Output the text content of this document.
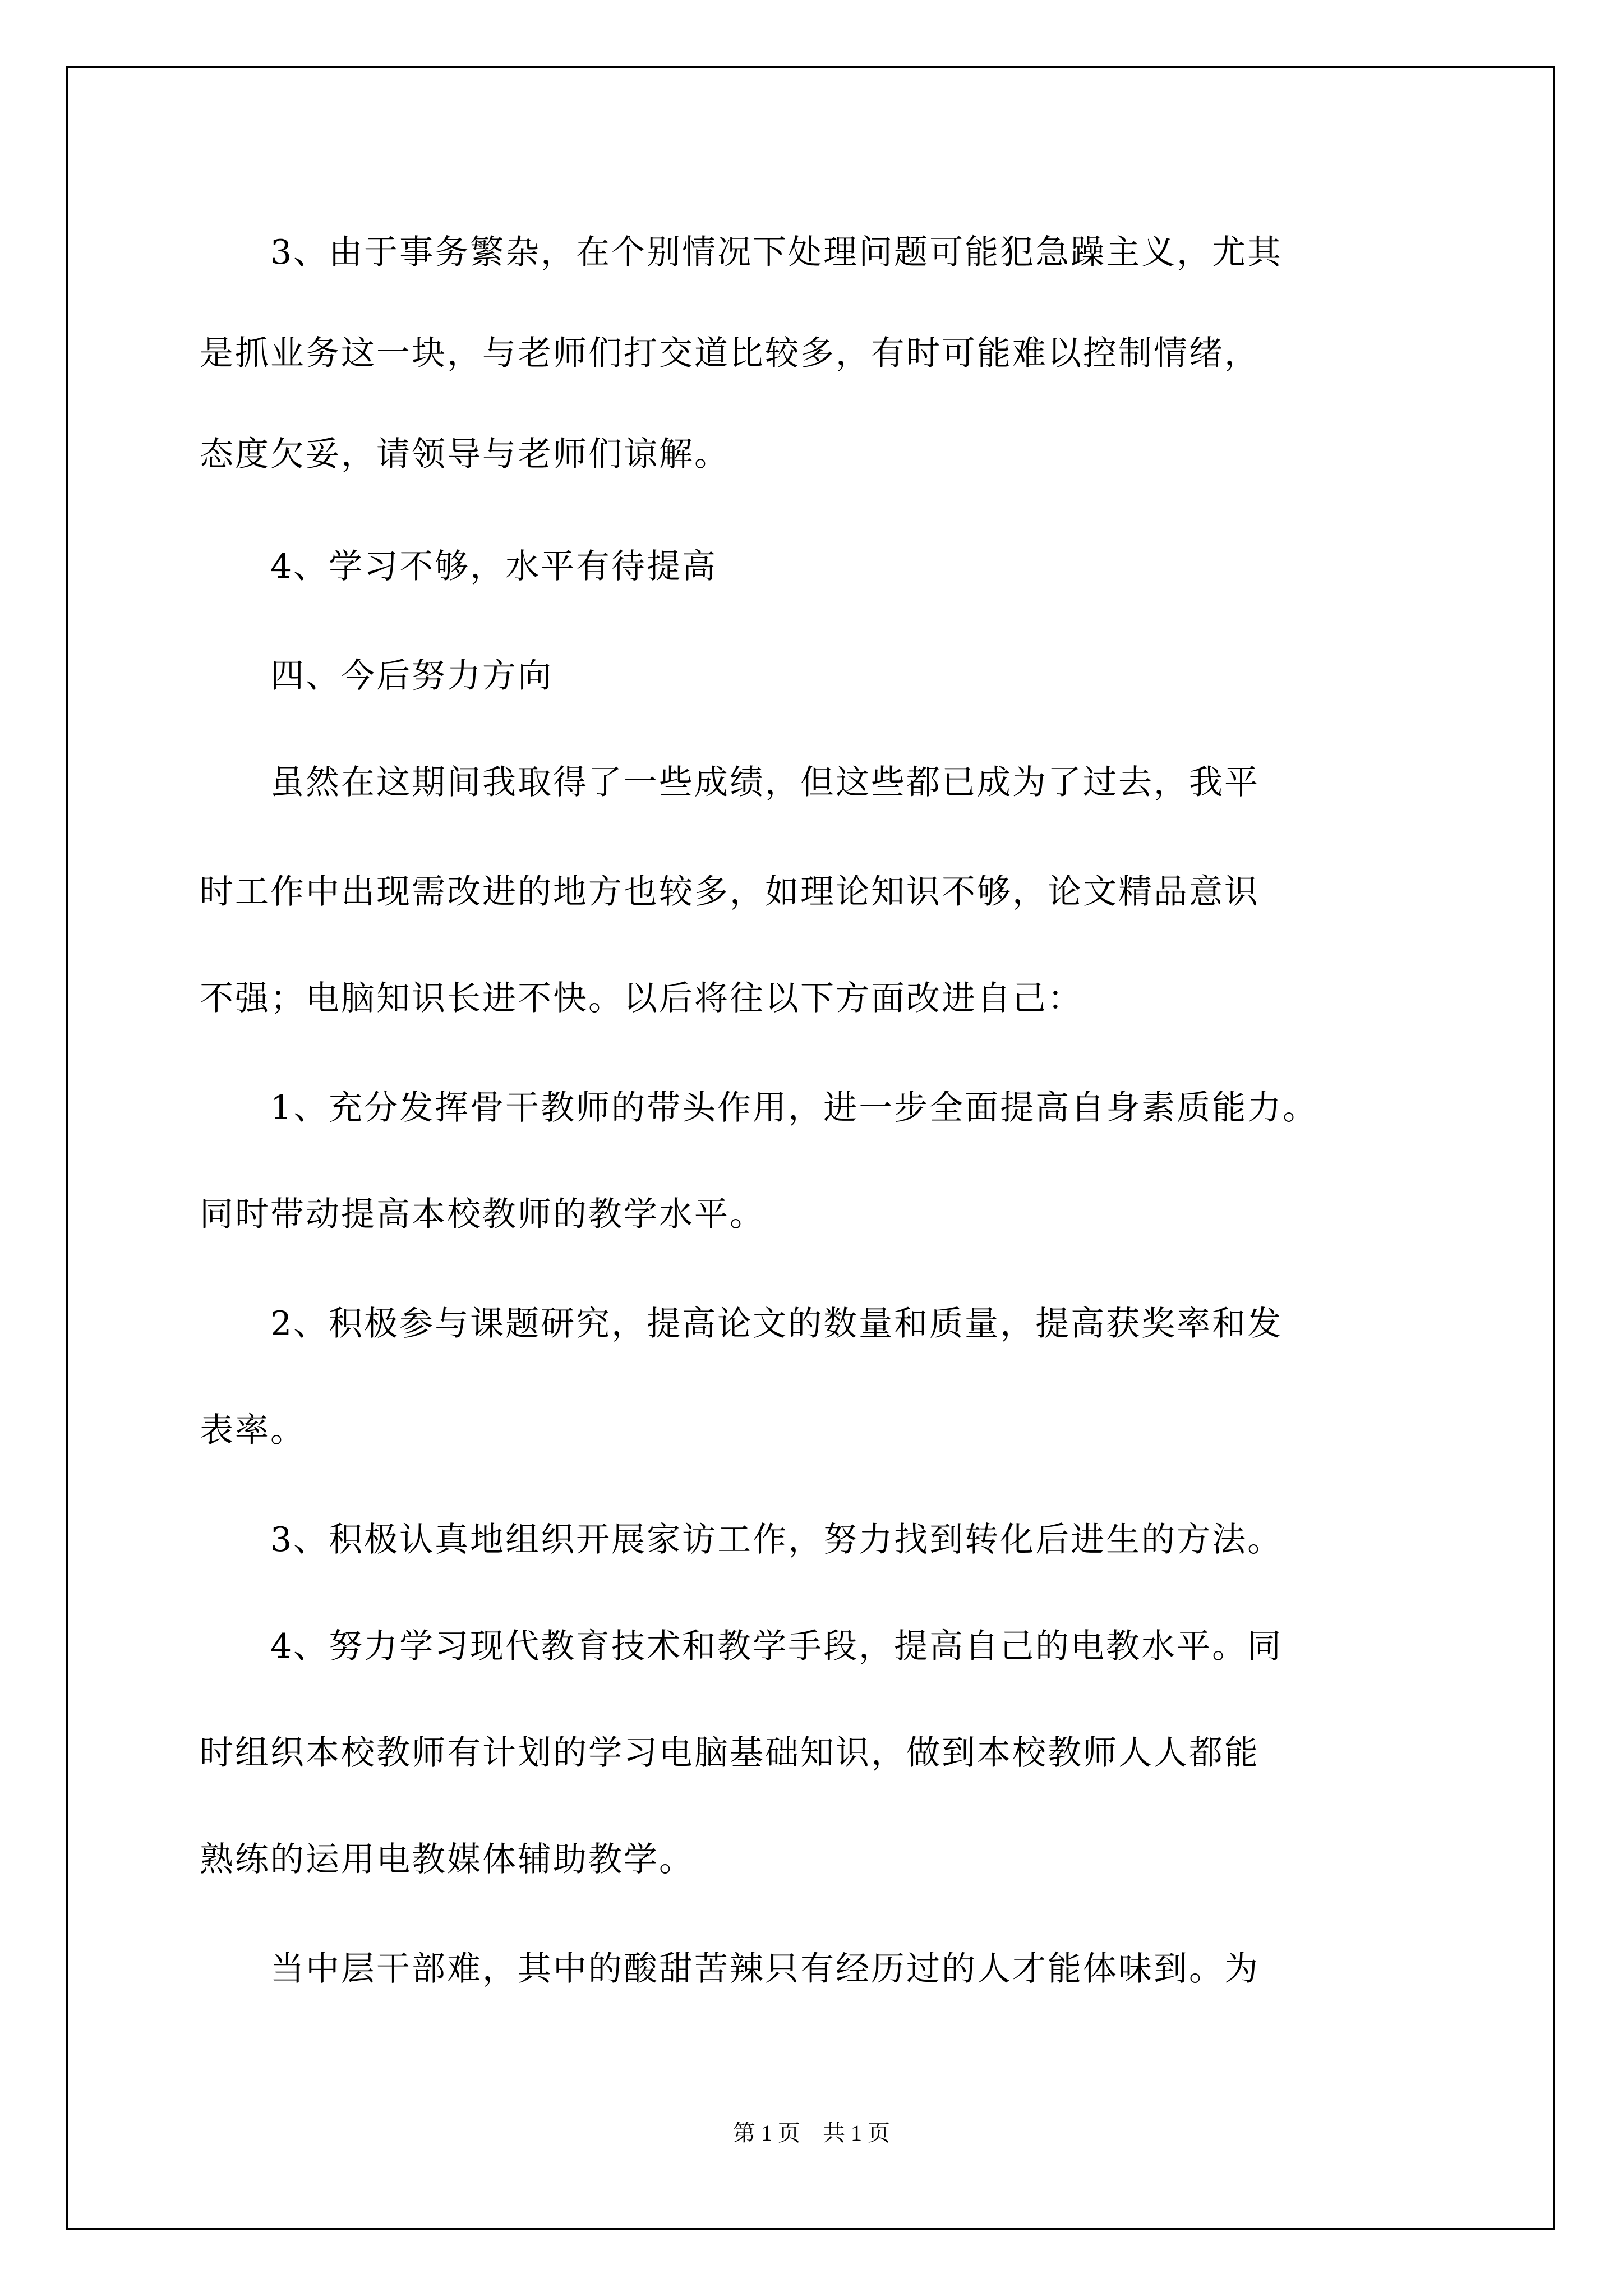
　　3、由于事务繁杂，在个别情况下处理问题可能犯急躁主义，尤其

是抓业务这一块，与老师们打交道比较多，有时可能难以控制情绪，

态度欠妥，请领导与老师们谅解。

　　4、学习不够，水平有待提高

　　四、今后努力方向

　　虽然在这期间我取得了一些成绩，但这些都已成为了过去，我平

时工作中出现需改进的地方也较多，如理论知识不够，论文精品意识

不强；电脑知识长进不快。以后将往以下方面改进自己：

　　1、充分发挥骨干教师的带头作用，进一步全面提高自身素质能力。

同时带动提高本校教师的教学水平。

　　2、积极参与课题研究，提高论文的数量和质量，提高获奖率和发

表率。

　　3、积极认真地组织开展家访工作，努力找到转化后进生的方法。

　　4、努力学习现代教育技术和教学手段，提高自己的电教水平。同

时组织本校教师有计划的学习电脑基础知识，做到本校教师人人都能

熟练的运用电教媒体辅助教学。

　　当中层干部难，其中的酸甜苦辣只有经历过的人才能体味到。为

第 1 页    共 1 页
